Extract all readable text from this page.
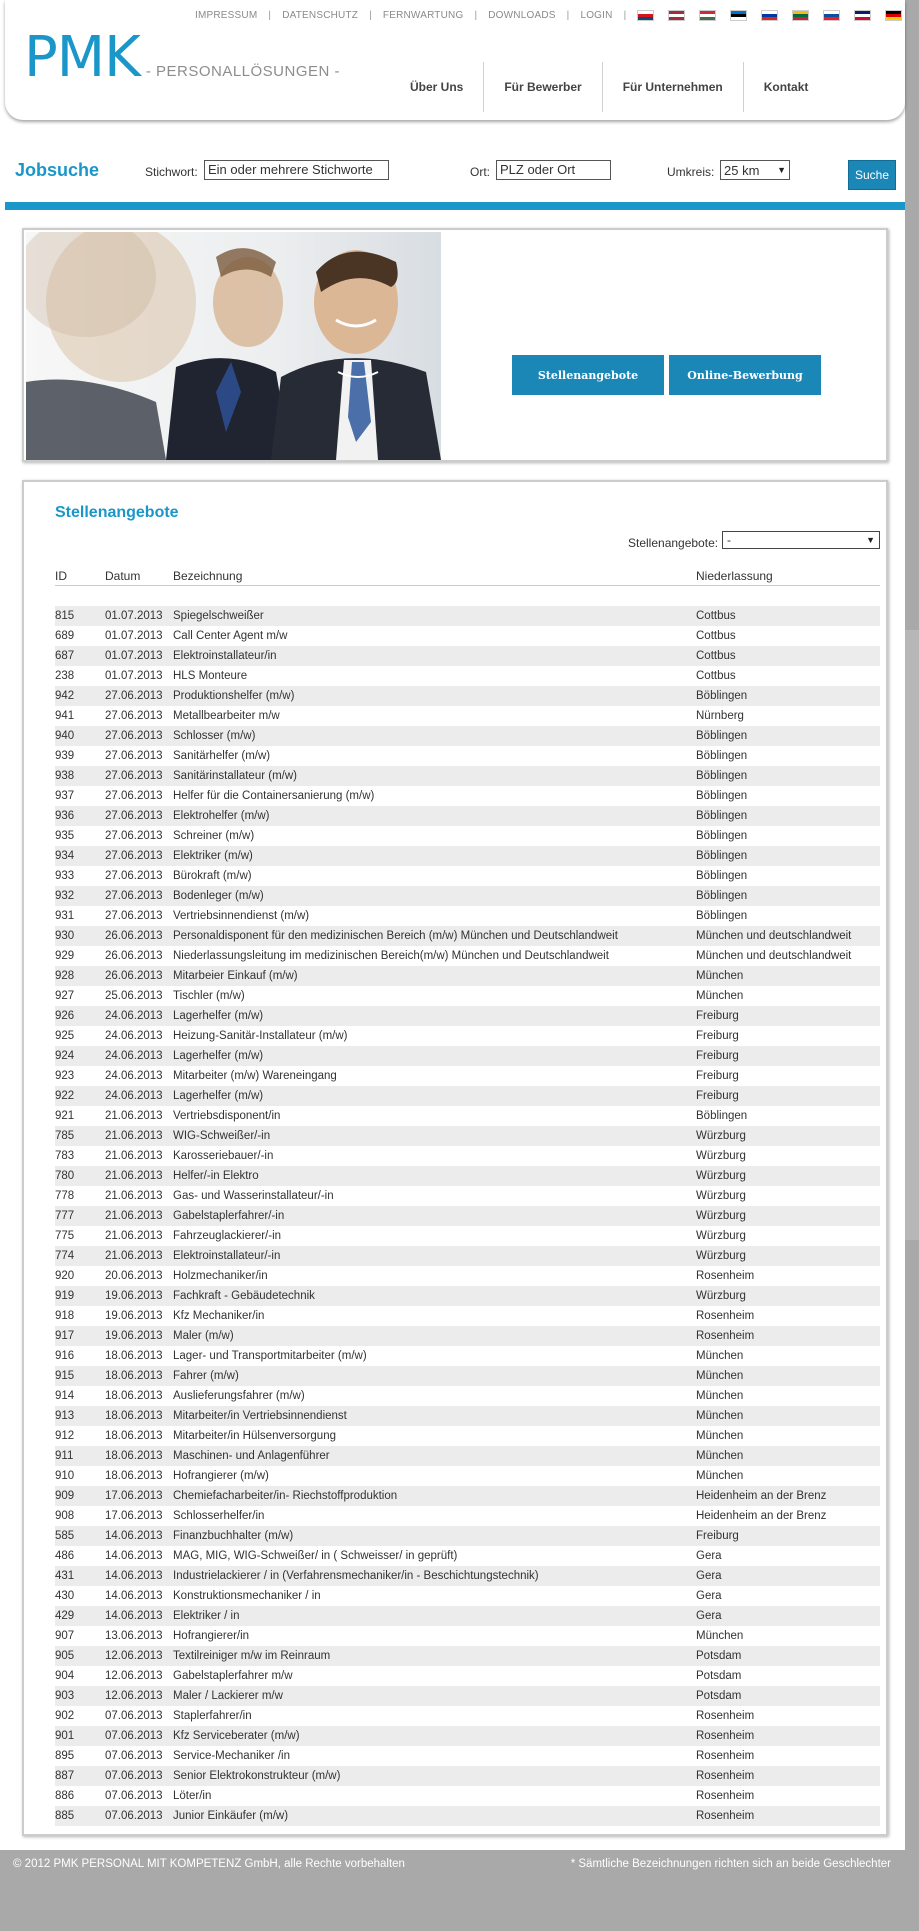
IMPRESSUM | DATENSCHUTZ | FERNWARTUNG | DOWNLOADS | LOGIN |
PMK - PERSONALLÖSUNGEN -
Über Uns	Für Bewerber	Für Unternehmen	Kontakt
Jobsuche	Stichwort: Ein oder mehrere Stichworte	Ort: PLZ oder Ort	Umkreis: 25 km ▼	Suche
Stellenangebote	Online-Bewerbung
Stellenangebote
Stellenangebote: -	▼
ID	Datum	Bezeichnung	Niederlassung
815	01.07.2013 Spiegelschweißer	Cottbus
689	01.07.2013 Call Center Agent m/w	Cottbus
687	01.07.2013 Elektroinstallateur/in	Cottbus
238	01.07.2013 HLS Monteure	Cottbus
942	27.06.2013 Produktionshelfer (m/w)	Böblingen
941	27.06.2013 Metallbearbeiter m/w	Nürnberg
940	27.06.2013 Schlosser (m/w)	Böblingen
939	27.06.2013 Sanitärhelfer (m/w)	Böblingen
938	27.06.2013 Sanitärinstallateur (m/w)	Böblingen
937	27.06.2013 Helfer für die Containersanierung (m/w)	Böblingen
936	27.06.2013 Elektrohelfer (m/w)	Böblingen
935	27.06.2013 Schreiner (m/w)	Böblingen
934	27.06.2013 Elektriker (m/w)	Böblingen
933	27.06.2013 Bürokraft (m/w)	Böblingen
932	27.06.2013 Bodenleger (m/w)	Böblingen
931	27.06.2013 Vertriebsinnendienst (m/w)	Böblingen
930	26.06.2013 Personaldisponent für den medizinischen Bereich (m/w) München und Deutschlandweit	München und deutschlandweit
929	26.06.2013 Niederlassungsleitung im medizinischen Bereich(m/w) München und Deutschlandweit	München und deutschlandweit
928	26.06.2013 Mitarbeier Einkauf (m/w)	München
927	25.06.2013 Tischler (m/w)	München
926	24.06.2013 Lagerhelfer (m/w)	Freiburg
925	24.06.2013 Heizung-Sanitär-Installateur (m/w)	Freiburg
924	24.06.2013 Lagerhelfer (m/w)	Freiburg
923	24.06.2013 Mitarbeiter (m/w) Wareneingang	Freiburg
922	24.06.2013 Lagerhelfer (m/w)	Freiburg
921	21.06.2013 Vertriebsdisponent/in	Böblingen
785	21.06.2013 WIG-Schweißer/-in	Würzburg
783	21.06.2013 Karosseriebauer/-in	Würzburg
780	21.06.2013 Helfer/-in Elektro	Würzburg
778	21.06.2013 Gas- und Wasserinstallateur/-in	Würzburg
777	21.06.2013 Gabelstaplerfahrer/-in	Würzburg
775	21.06.2013 Fahrzeuglackierer/-in	Würzburg
774	21.06.2013 Elektroinstallateur/-in	Würzburg
920	20.06.2013 Holzmechaniker/in	Rosenheim
919	19.06.2013 Fachkraft - Gebäudetechnik	Würzburg
918	19.06.2013 Kfz Mechaniker/in	Rosenheim
917	19.06.2013 Maler (m/w)	Rosenheim
916	18.06.2013 Lager- und Transportmitarbeiter (m/w)	München
915	18.06.2013 Fahrer (m/w)	München
914	18.06.2013 Auslieferungsfahrer (m/w)	München
913	18.06.2013 Mitarbeiter/in Vertriebsinnendienst	München
912	18.06.2013 Mitarbeiter/in Hülsenversorgung	München
911	18.06.2013 Maschinen- und Anlagenführer	München
910	18.06.2013 Hofrangierer (m/w)	München
909	17.06.2013 Chemiefacharbeiter/in- Riechstoffproduktion	Heidenheim an der Brenz
908	17.06.2013 Schlosserhelfer/in	Heidenheim an der Brenz
585	14.06.2013 Finanzbuchhalter (m/w)	Freiburg
486	14.06.2013 MAG, MIG, WIG-Schweißer/ in ( Schweisser/ in geprüft)	Gera
431	14.06.2013 Industrielackierer / in (Verfahrensmechaniker/in - Beschichtungstechnik)	Gera
430	14.06.2013 Konstruktionsmechaniker / in	Gera
429	14.06.2013 Elektriker / in	Gera
907	13.06.2013 Hofrangierer/in	München
905	12.06.2013 Textilreiniger m/w im Reinraum	Potsdam
904	12.06.2013 Gabelstaplerfahrer m/w	Potsdam
903	12.06.2013 Maler / Lackierer m/w	Potsdam
902	07.06.2013 Staplerfahrer/in	Rosenheim
901	07.06.2013 Kfz Serviceberater (m/w)	Rosenheim
895	07.06.2013 Service-Mechaniker /in	Rosenheim
887	07.06.2013 Senior Elektrokonstrukteur (m/w)	Rosenheim
886	07.06.2013 Löter/in	Rosenheim
885	07.06.2013 Junior Einkäufer (m/w)	Rosenheim
© 2012 PMK PERSONAL MIT KOMPETENZ GmbH, alle Rechte vorbehalten	* Sämtliche Bezeichnungen richten sich an beide Geschlechter
